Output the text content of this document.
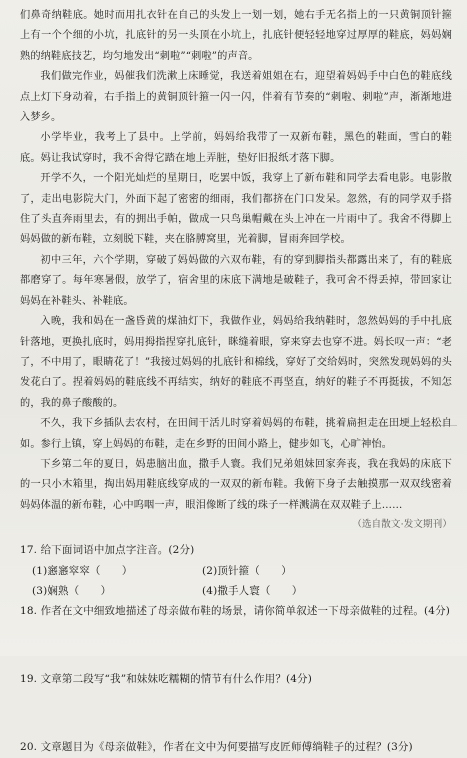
们鼻奇纳鞋底。她时而用扎衣针在自己的头发上一划一划，她右手无名指上的一只黄铜顶针箍上有一个个细的小坑，扎底针的另一头顶在小坑上，扎底针便轻轻地穿过厚厚的鞋底，妈妈娴熟的纳鞋底技艺，均匀地发出“刺啦”“刺啦”的声音。

我们做完作业，妈催我们洗漱上床睡觉，我送着姐姐在右，迎望着妈妈手中白色的鞋底线点上灯下身动着，右手指上的黄铜顶针箍一闪一闪，伴着有节奏的“刺啦、刺啦”声，渐渐地进入梦乡。

小学毕业，我考上了县中。上学前，妈妈给我带了一双新布鞋，黑色的鞋面，雪白的鞋底。妈让我试穿时，我不舍得它踏在地上弄脏，垫好旧报纸才落下脚。

开学不久，一个阳光灿烂的星期日，吃罢中饭，我穿上了新布鞋和同学去看电影。电影散了，走出电影院大门，外面下起了密密的细雨，我们都挤在门口发呆。忽然，有的同学双手搭住了头直奔雨里去，有的拥出手帕，做成一只鸟巢帽戴在头上冲在一片雨中了。我舍不得脚上妈妈做的新布鞋，立刻脱下鞋，夹在胳膊窝里，光着脚，冒雨奔回学校。

初中三年，六个学期，穿破了妈妈做的六双布鞋，有的穿到脚指头都露出来了，有的鞋底都磨穿了。每年寒暑假，放学了，宿舍里的床底下满地是破鞋子，我可舍不得丢掉，带回家让妈妈在补鞋头、补鞋底。

入晚，我和妈在一盏昏黄的煤油灯下，我做作业，妈妈给我纳鞋时，忽然妈妈的手中扎底针落地，更换扎底时，妈用拇指捏穿扎底针，眯缝着眼，穿来穿去也穿不进。妈长叹一声：“老了，不中用了，眼睛花了！”我接过妈妈的扎底针和棉线，穿好了交给妈时，突然发现妈妈的头发花白了。捏着妈妈的鞋底线不再结实，纳好的鞋底不再坚直，纳好的鞋子不再挺拔，不知怎的，我的鼻子酸酸的。

不久，我下乡插队去农村，在田间干活儿时穿着妈妈的布鞋，挑着扁担走在田埂上轻松自如。参行上镇，穿上妈妈的布鞋，走在乡野的田间小路上，健步如飞，心旷神怡。

下乡第二年的夏日，妈患脑出血，撒手人寰。我们兄弟姐妹回家奔丧，我在我妈的床底下的一只小木箱里，掏出妈用鞋底线穿成的一双双的新布鞋。我俯下身子去触摸那一双双线密着妈妈体温的新布鞋，心中呜咽一声，眼泪像断了线的珠子一样溅满在双双鞋子上……

（选自散文·发文期刊）

17. 给下面词语中加点字注音。(2分)

(1)窸窸窣窣（　　）	(2)顶针箍（　　）
(3)娴熟（　　）	(4)撒手人寰（　　）

18. 作者在文中细致地描述了母亲做布鞋的场景，请你简单叙述一下母亲做鞋的过程。(4分)

19. 文章第二段写“我”和妹妹吃糯糊的情节有什么作用？(4分)

20. 文章题目为《母亲做鞋》，作者在文中为何要描写皮匠师傅绱鞋子的过程？(3分)
